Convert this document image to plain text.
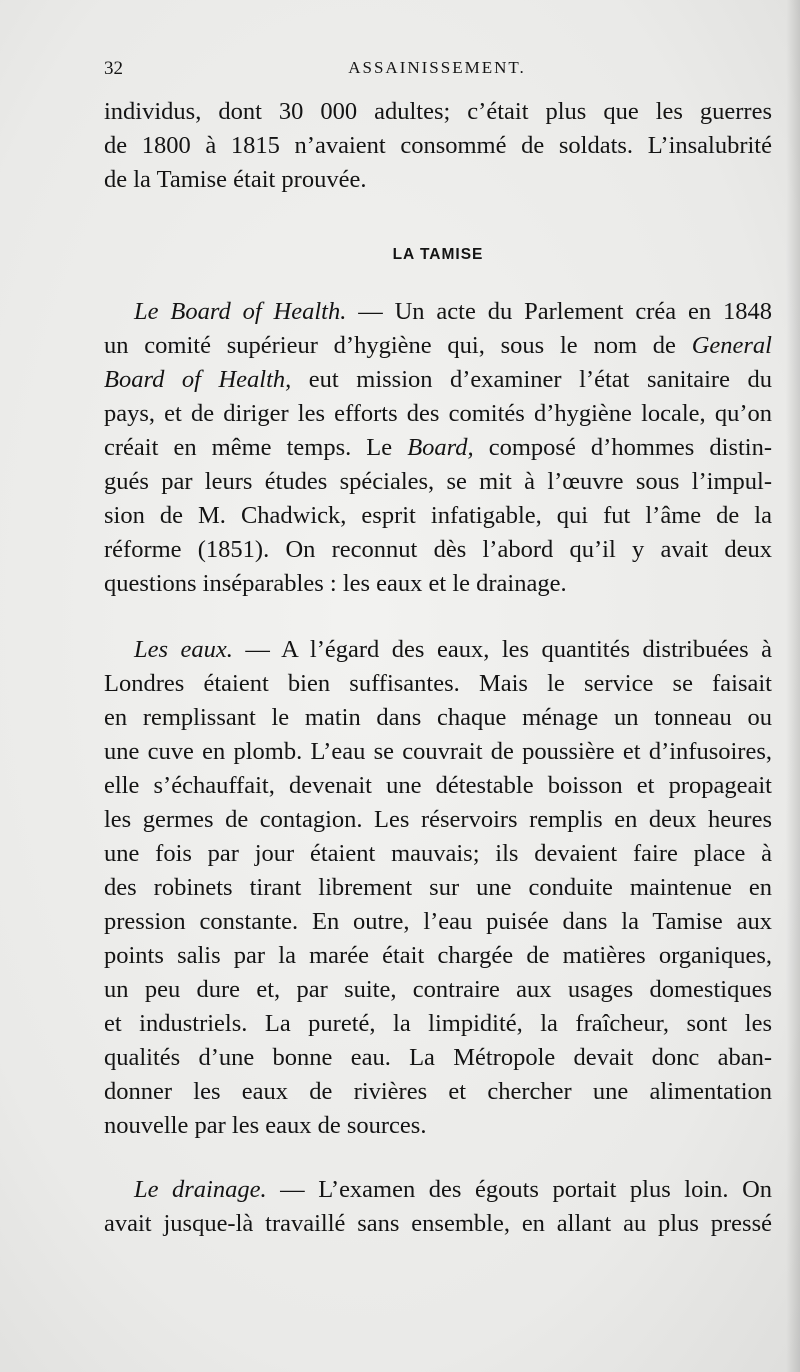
32	ASSAINISSEMENT.

individus, dont 30 000 adultes; c’était plus que les guerres
de 1800 à 1815 n’avaient consommé de soldats. L’insalubrité
de la Tamise était prouvée.

LA TAMISE

Le Board of Health. — Un acte du Parlement créa en 1848
un comité supérieur d’hygiène qui, sous le nom de General
Board of Health, eut mission d’examiner l’état sanitaire du
pays, et de diriger les efforts des comités d’hygiène locale, qu’on
créait en même temps. Le Board, composé d’hommes distin-
gués par leurs études spéciales, se mit à l’œuvre sous l’impul-
sion de M. Chadwick, esprit infatigable, qui fut l’âme de la
réforme (1851). On reconnut dès l’abord qu’il y avait deux
questions inséparables : les eaux et le drainage.

Les eaux. — A l’égard des eaux, les quantités distribuées à
Londres étaient bien suffisantes. Mais le service se faisait
en remplissant le matin dans chaque ménage un tonneau ou
une cuve en plomb. L’eau se couvrait de poussière et d’infusoires,
elle s’échauffait, devenait une détestable boisson et propageait
les germes de contagion. Les réservoirs remplis en deux heures
une fois par jour étaient mauvais; ils devaient faire place à
des robinets tirant librement sur une conduite maintenue en
pression constante. En outre, l’eau puisée dans la Tamise aux
points salis par la marée était chargée de matières organiques,
un peu dure et, par suite, contraire aux usages domestiques
et industriels. La pureté, la limpidité, la fraîcheur, sont les
qualités d’une bonne eau. La Métropole devait donc aban-
donner les eaux de rivières et chercher une alimentation
nouvelle par les eaux de sources.

Le drainage. — L’examen des égouts portait plus loin. On
avait jusque-là travaillé sans ensemble, en allant au plus pressé
